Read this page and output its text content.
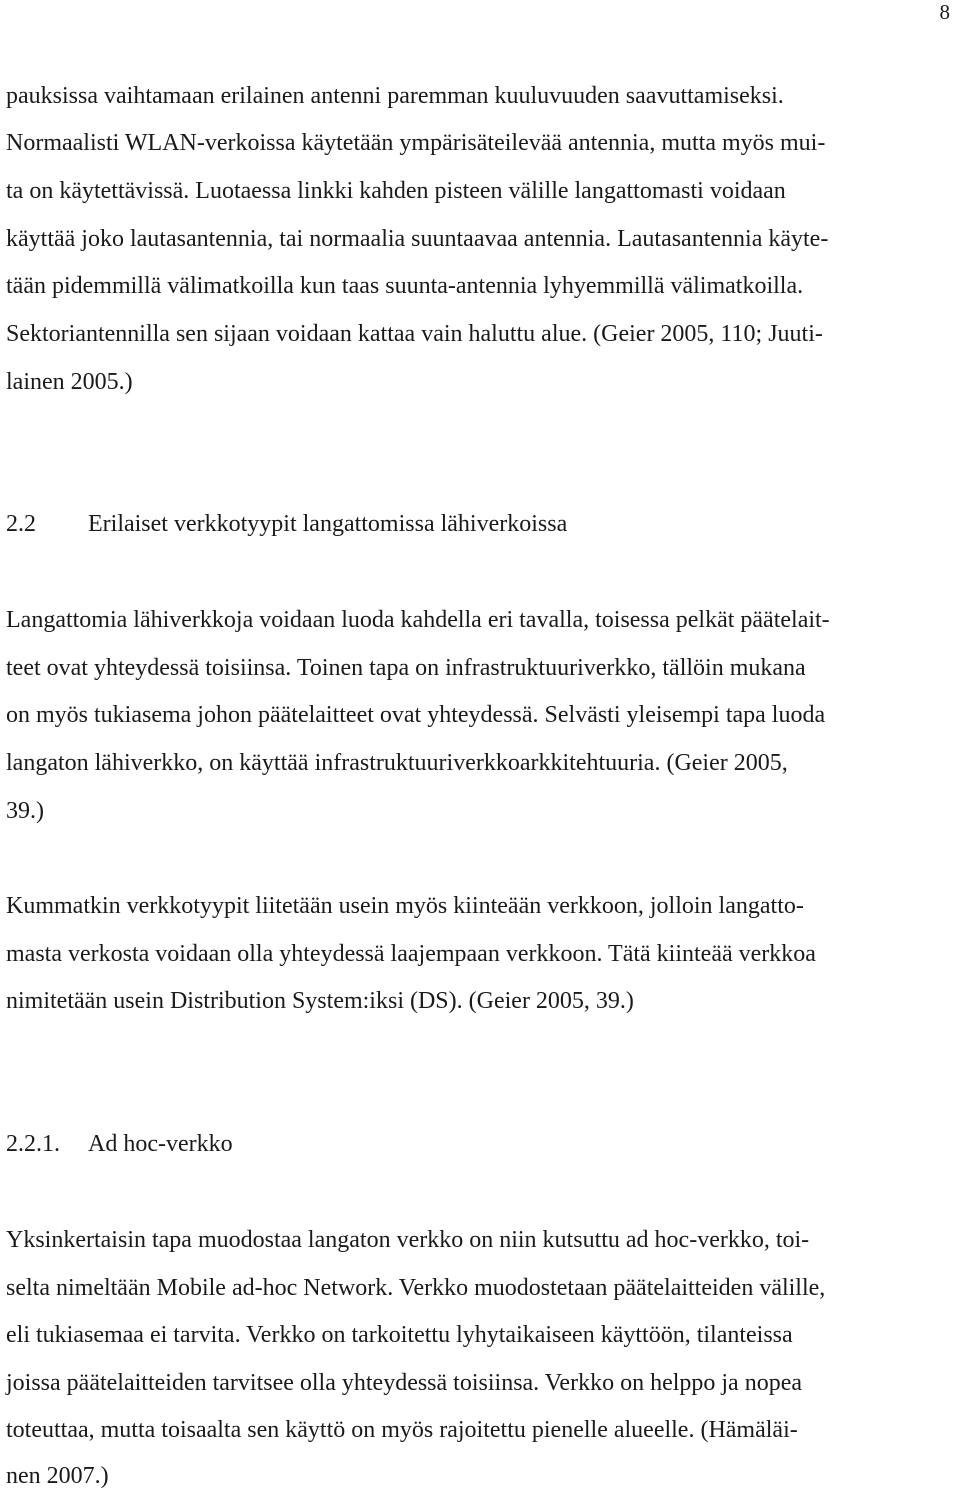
8
pauksissa vaihtamaan erilainen antenni paremman kuuluvuuden saavuttamiseksi.
Normaalisti WLAN-verkoissa käytetään ympärisäteilevää antennia, mutta myös mui-
ta on käytettävissä. Luotaessa linkki kahden pisteen välille langattomasti voidaan
käyttää joko lautasantennia, tai normaalia suuntaavaa antennia. Lautasantennia käyte-
tään pidemmillä välimatkoilla kun taas suunta-antennia lyhyemmillä välimatkoilla.
Sektoriantennilla sen sijaan voidaan kattaa vain haluttu alue. (Geier 2005, 110; Juuti-
lainen 2005.)
2.2 Erilaiset verkkotyypit langattomissa lähiverkoissa
Langattomia lähiverkkoja voidaan luoda kahdella eri tavalla, toisessa pelkät päätelait-
teet ovat yhteydessä toisiinsa. Toinen tapa on infrastruktuuriverkko, tällöin mukana
on myös tukiasema johon päätelaitteet ovat yhteydessä. Selvästi yleisempi tapa luoda
langaton lähiverkko, on käyttää infrastruktuuriverkkoarkkitehtuuria. (Geier 2005,
39.)
Kummatkin verkkotyypit liitetään usein myös kiinteään verkkoon, jolloin langatto-
masta verkosta voidaan olla yhteydessä laajempaan verkkoon. Tätä kiinteää verkkoa
nimitetään usein Distribution System:iksi (DS). (Geier 2005, 39.)
2.2.1. Ad hoc-verkko
Yksinkertaisin tapa muodostaa langaton verkko on niin kutsuttu ad hoc-verkko, toi-
selta nimeltään Mobile ad-hoc Network. Verkko muodostetaan päätelaitteiden välille,
eli tukiasemaa ei tarvita. Verkko on tarkoitettu lyhytaikaiseen käyttöön, tilanteissa
joissa päätelaitteiden tarvitsee olla yhteydessä toisiinsa. Verkko on helppo ja nopea
toteuttaa, mutta toisaalta sen käyttö on myös rajoitettu pienelle alueelle. (Hämäläi-
nen 2007.)
